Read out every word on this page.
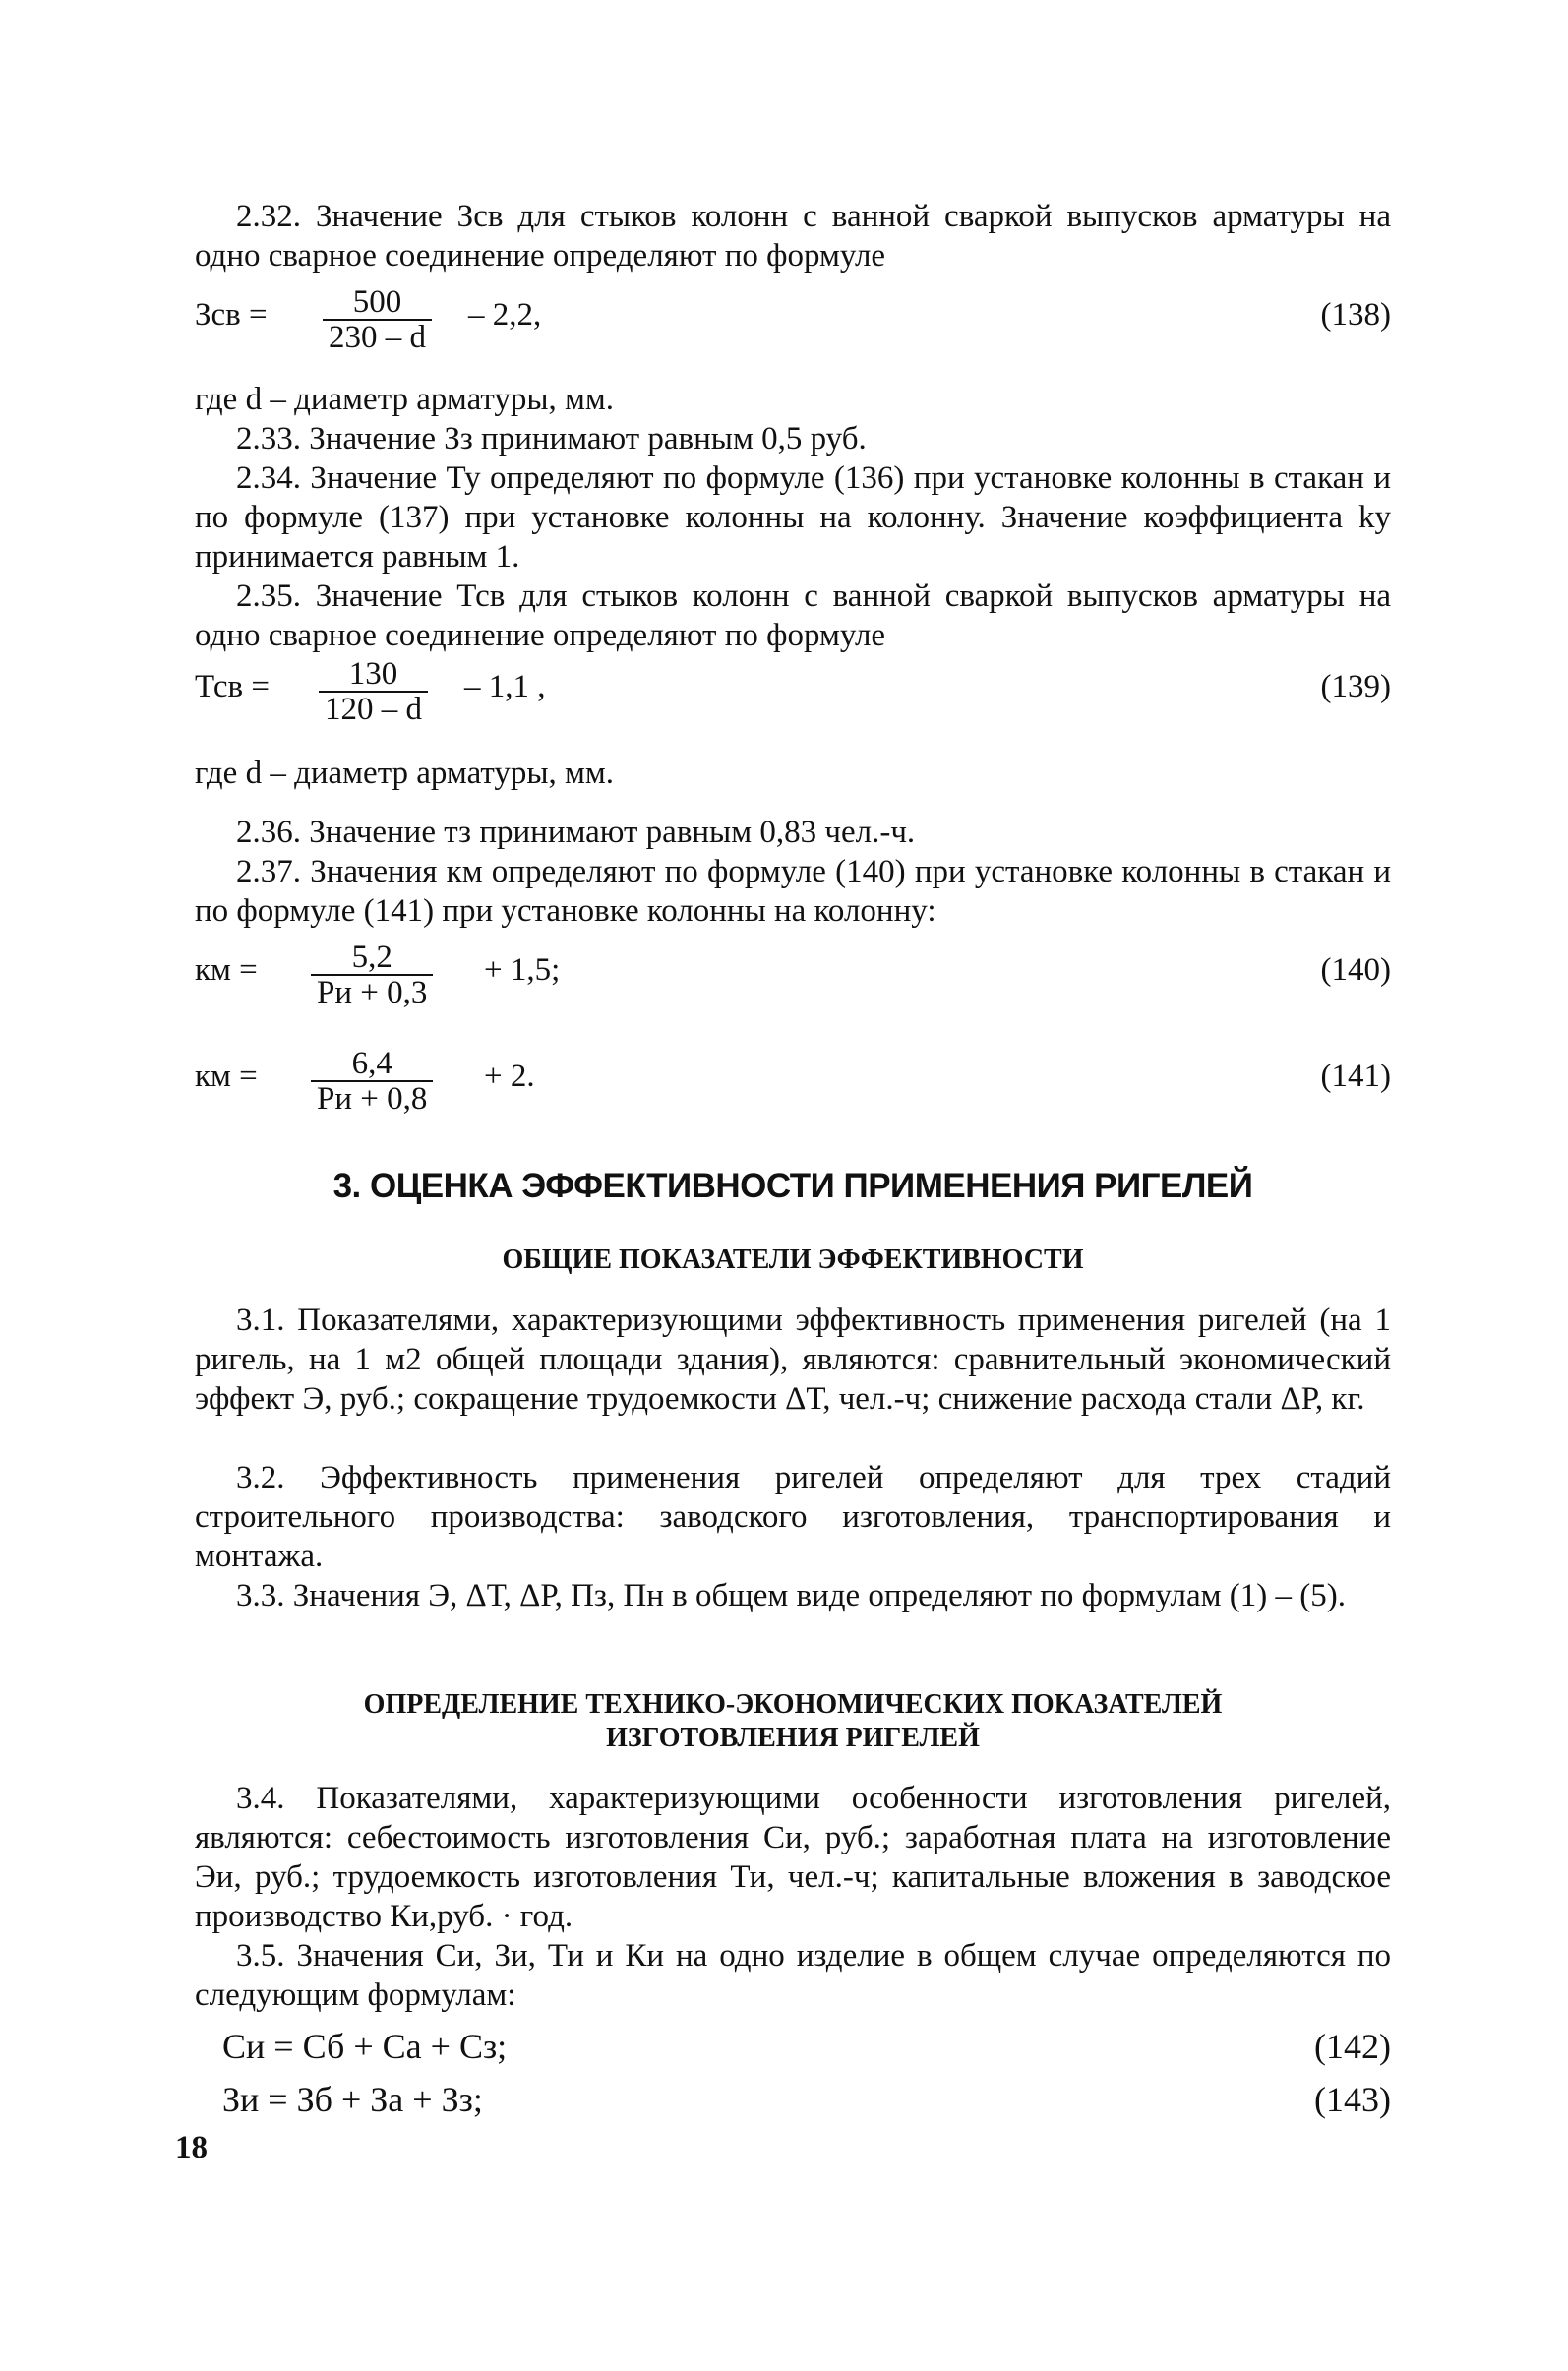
2.32. Значение Зсв для стыков колонн с ванной сваркой выпусков арматуры на одно сварное соединение определяют по формуле

Зсв = $\frac{500}{230 - d} - 2,2$,	(138)

где d – диаметр арматуры, мм.

2.33. Значение Зз принимают равным 0,5 руб.

2.34. Значение Ту определяют по формуле (136) при установке колонны в стакан и по формуле (137) при установке колонны на колонну. Значение коэффициента kу принимается равным 1.

2.35. Значение Тсв для стыков колонн с ванной сваркой выпусков арматуры на одно сварное соединение определяют по формуле

Тсв = $\frac{130}{120 - d} - 1,1$ ,	(139)

где d – диаметр арматуры, мм.

2.36. Значение тз принимают равным 0,83 чел.-ч.

2.37. Значения км определяют по формуле (140) при установке колонны в стакан и по формуле (141) при установке колонны на колонну:

км =	5,2
Ри + 0,3
+ 1,5;	(140)
км =	6,4
Ри + 0,8
+ 2.	(141)
3. ОЦЕНКА ЭФФЕКТИВНОСТИ ПРИМЕНЕНИЯ РИГЕЛЕЙ
ОБЩИЕ ПОКАЗАТЕЛИ ЭФФЕКТИВНОСТИ

3.1. Показателями, характеризующими эффективность применения ригелей (на 1 ригель, на 1 м2 общей площади здания), являются: сравнительный экономический эффект Э, руб.; сокращение трудоемкости ΔТ, чел.-ч; снижение расхода стали ΔР, кг.

3.2. Эффективность применения ригелей определяют для трех стадий строительного производства: заводского изготовления, транспортирования и монтажа.

3.3. Значения Э, ΔТ, ΔР, Пз, Пн в общем виде определяют по формулам (1) – (5).

ОПРЕДЕЛЕНИЕ ТЕХНИКО-ЭКОНОМИЧЕСКИХ ПОКАЗАТЕЛЕЙ
ИЗГОТОВЛЕНИЯ РИГЕЛЕЙ

3.4. Показателями, характеризующими особенности изготовления ригелей, являются: себестоимость изготовления Си, руб.; заработная плата на изготовление Эи, руб.; трудоемкость изготовления Ти, чел.-ч; капитальные вложения в заводское производство Ки,руб. · год.

3.5. Значения Си, Зи, Ти и Ки на одно изделие в общем случае определяются по следующим формулам:

Си = Сб + Са + Сз;	(142)
Зи = Зб + За + Зз;	(143)
18
